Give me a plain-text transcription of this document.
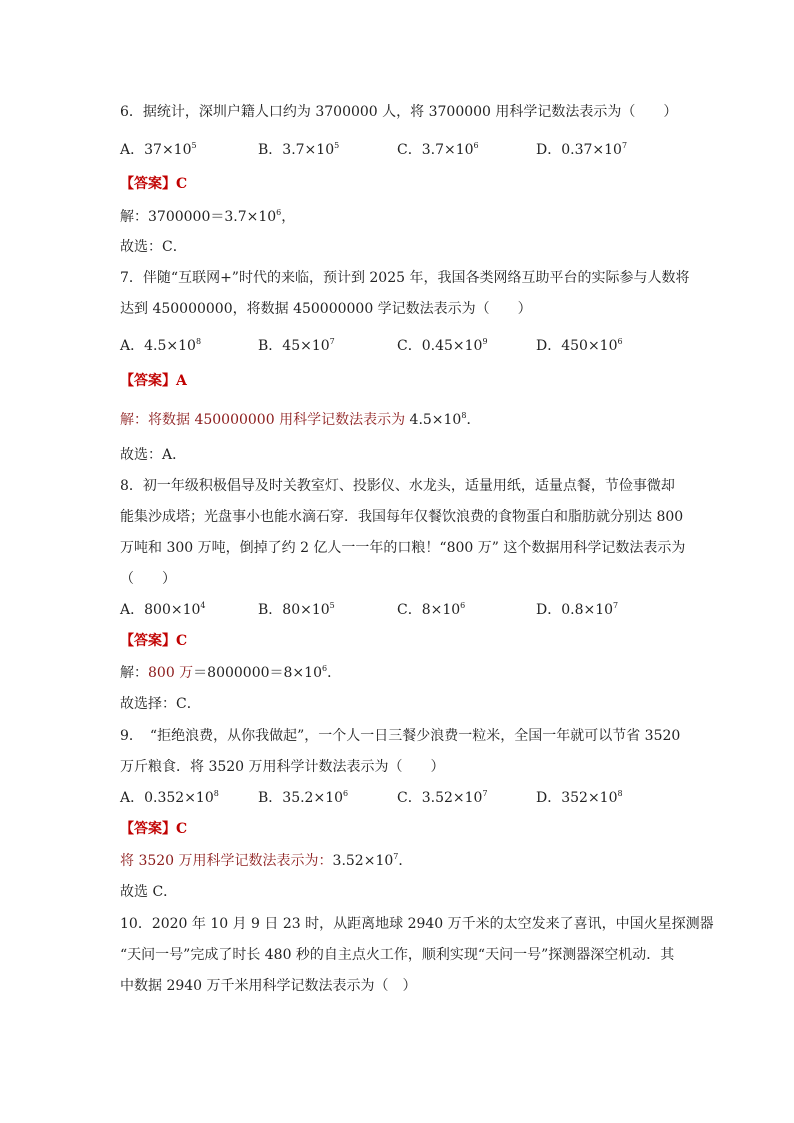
6．据统计，深圳户籍人口约为 3700000 人，将 3700000 用科学记数法表示为（　　）
A．$37\times 10^5$	B．$3.7\times 10^5$	C．$3.7\times 10^6$	D．$0.37\times 10^7$
【答案】C
解：$3700000=3.7\times 10^6$，
故选：C．
7．伴随“互联网+”时代的来临，预计到 2025 年，我国各类网络互助平台的实际参与人数将
达到 450000000，将数据 450000000 学记数法表示为（　　）
A．$4.5\times 10^8$	B．$45\times 10^7$	C．$0.45\times 10^9$	D．$450\times 10^6$
【答案】A
解：将数据 450000000 用科学记数法表示为 $4.5\times 10^8$．
故选：A．
8．初一年级积极倡导及时关教室灯、投影仪、水龙头，适量用纸，适量点餐，节俭事微却
能集沙成塔；光盘事小也能水滴石穿．我国每年仅餐饮浪费的食物蛋白和脂肪就分别达 800
万吨和 300 万吨，倒掉了约 2 亿人一一年的口粮！“800 万” 这个数据用科学记数法表示为
（　　）
A．$800\times 10^4$	B．$80\times 10^5$	C．$8\times 10^6$	D．$0.8\times 10^7$
【答案】C
解：800 万$=8000000=8\times 10^6$．
故选择：C．
9．　“拒绝浪费，从你我做起”，一个人一日三餐少浪费一粒米，全国一年就可以节省 3520
万斤粮食．将 3520 万用科学计数法表示为（　　）
A．$0.352\times 10^8$	B．$35.2\times 10^6$	C．$3.52\times 10^7$	D．$352\times 10^8$
【答案】C
将 3520 万用科学记数法表示为：$3.52\times 10^7$．
故选 C．
10．2020 年 10 月 9 日 23 时，从距离地球 2940 万千米的太空发来了喜讯，中国火星探测器
“天问一号”完成了时长 480 秒的自主点火工作，顺利实现“天问一号”探测器深空机动．其
中数据 2940 万千米用科学记数法表示为（　）
